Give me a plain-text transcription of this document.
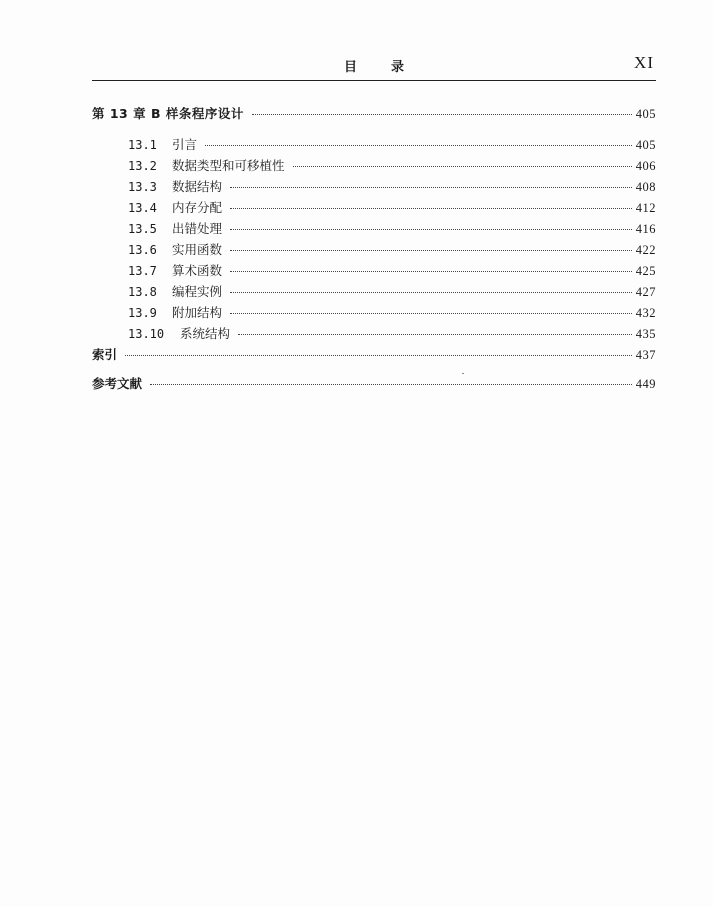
目录	XI
第 13 章 B 样条程序设计	405
13.1	引言	405
13.2	数据类型和可移植性	406
13.3	数据结构	408
13.4	内存分配	412
13.5	出错处理	416
13.6	实用函数	422
13.7	算术函数	425
13.8	编程实例	427
13.9	附加结构	432
13.10	系统结构	435
索引	437
参考文献	449
